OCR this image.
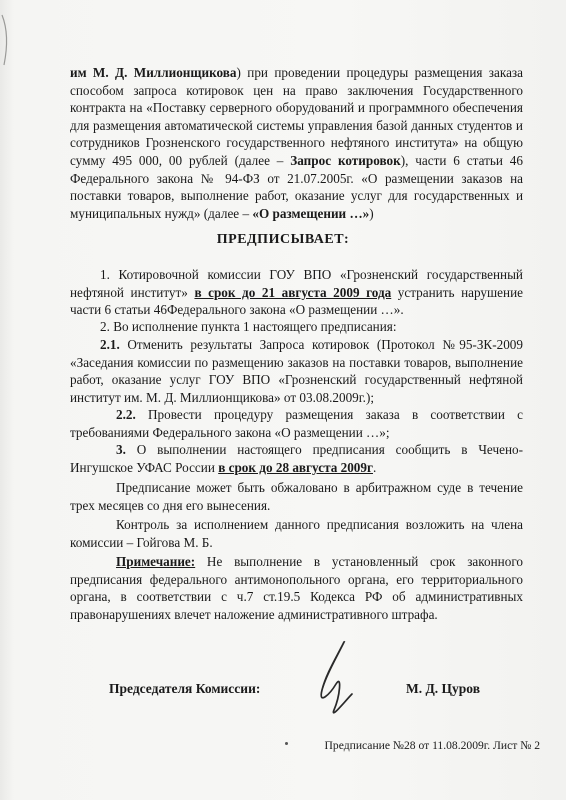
им М. Д. Миллионщикова) при проведении процедуры размещения заказа способом запроса котировок цен на право заключения Государственного контракта на «Поставку серверного оборудований и программного обеспечения для размещения автоматической системы управления базой данных студентов и сотрудников Грозненского государственного нефтяного института» на общую сумму 495 000, 00 рублей (далее – Запрос котировок), части 6 статьи 46 Федерального закона № 94-ФЗ от 21.07.2005г. «О размещении заказов на поставки товаров, выполнение работ, оказание услуг для государственных и муниципальных нужд» (далее – «О размещении …»)

ПРЕДПИСЫВАЕТ:

1. Котировочной комиссии ГОУ ВПО «Грозненский государственный нефтяной институт» в срок до 21 августа 2009 года устранить нарушение части 6 статьи 46Федерального закона «О размещении …».

2. Во исполнение пункта 1 настоящего предписания:

2.1. Отменить результаты Запроса котировок (Протокол №95-ЗК-2009 «Заседания комиссии по размещению заказов на поставки товаров, выполнение работ, оказание услуг ГОУ ВПО «Грозненский государственный нефтяной институт им. М. Д. Миллионщикова» от 03.08.2009г.);

2.2. Провести процедуру размещения заказа в соответствии с требованиями Федерального закона «О размещении …»;

3. О выполнении настоящего предписания сообщить в Чечено-Ингушское УФАС России в срок до 28 августа 2009г.

Предписание может быть обжаловано в арбитражном суде в течение трех месяцев со дня его вынесения.

Контроль за исполнением данного предписания возложить на члена комиссии – Гойгова М. Б.

Примечание: Не выполнение в установленный срок законного предписания федерального антимонопольного органа, его территориального органа, в соответствии с ч.7 ст.19.5 Кодекса РФ об административных правонарушениях влечет наложение административного штрафа.

Председателя Комиссии:	М. Д. Цуров
Предписание №28 от 11.08.2009г. Лист № 2
